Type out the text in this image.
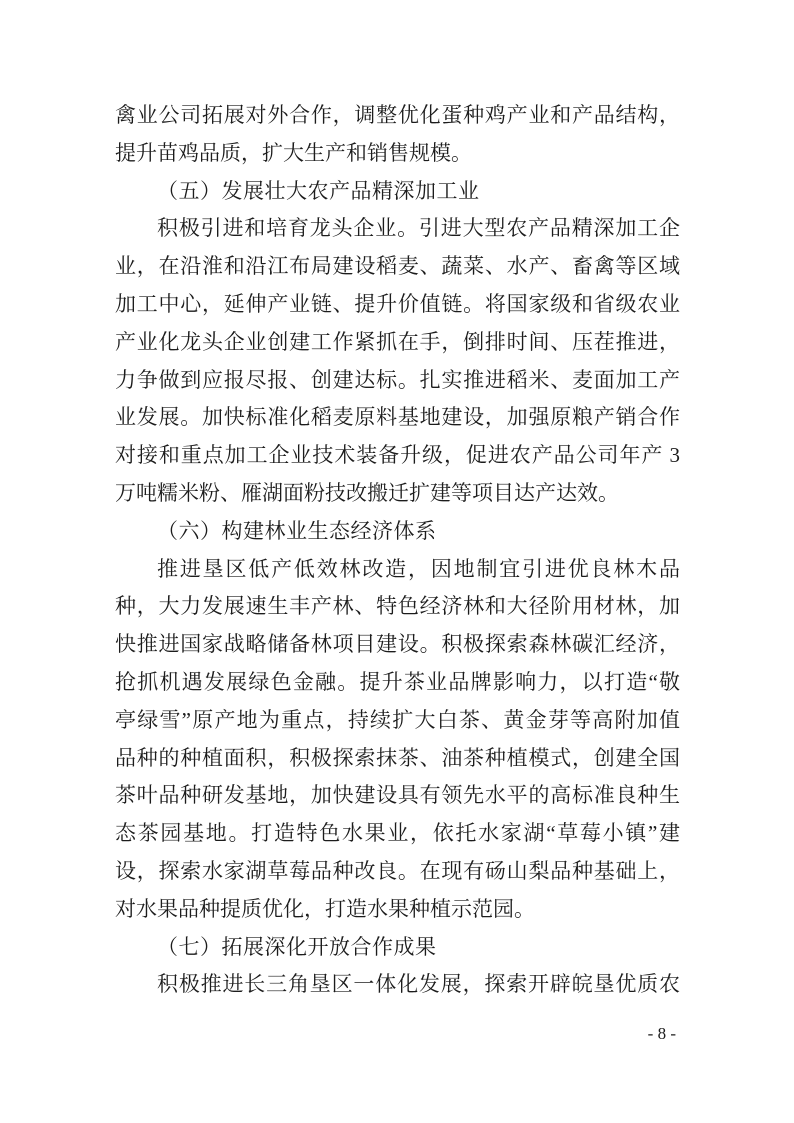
禽业公司拓展对外合作，调整优化蛋种鸡产业和产品结构，
提升苗鸡品质，扩大生产和销售规模。
（五）发展壮大农产品精深加工业
积极引进和培育龙头企业。引进大型农产品精深加工企
业，在沿淮和沿江布局建设稻麦、蔬菜、水产、畜禽等区域
加工中心，延伸产业链、提升价值链。将国家级和省级农业
产业化龙头企业创建工作紧抓在手，倒排时间、压茬推进，
力争做到应报尽报、创建达标。扎实推进稻米、麦面加工产
业发展。加快标准化稻麦原料基地建设，加强原粮产销合作
对接和重点加工企业技术装备升级，促进农产品公司年产 3
万吨糯米粉、雁湖面粉技改搬迁扩建等项目达产达效。
（六）构建林业生态经济体系
推进垦区低产低效林改造，因地制宜引进优良林木品
种，大力发展速生丰产林、特色经济林和大径阶用材林，加
快推进国家战略储备林项目建设。积极探索森林碳汇经济，
抢抓机遇发展绿色金融。提升茶业品牌影响力，以打造“敬
亭绿雪”原产地为重点，持续扩大白茶、黄金芽等高附加值
品种的种植面积，积极探索抹茶、油茶种植模式，创建全国
茶叶品种研发基地，加快建设具有领先水平的高标准良种生
态茶园基地。打造特色水果业，依托水家湖“草莓小镇”建
设，探索水家湖草莓品种改良。在现有砀山梨品种基础上，
对水果品种提质优化，打造水果种植示范园。
（七）拓展深化开放合作成果
积极推进长三角垦区一体化发展，探索开辟皖垦优质农
- 8 -
